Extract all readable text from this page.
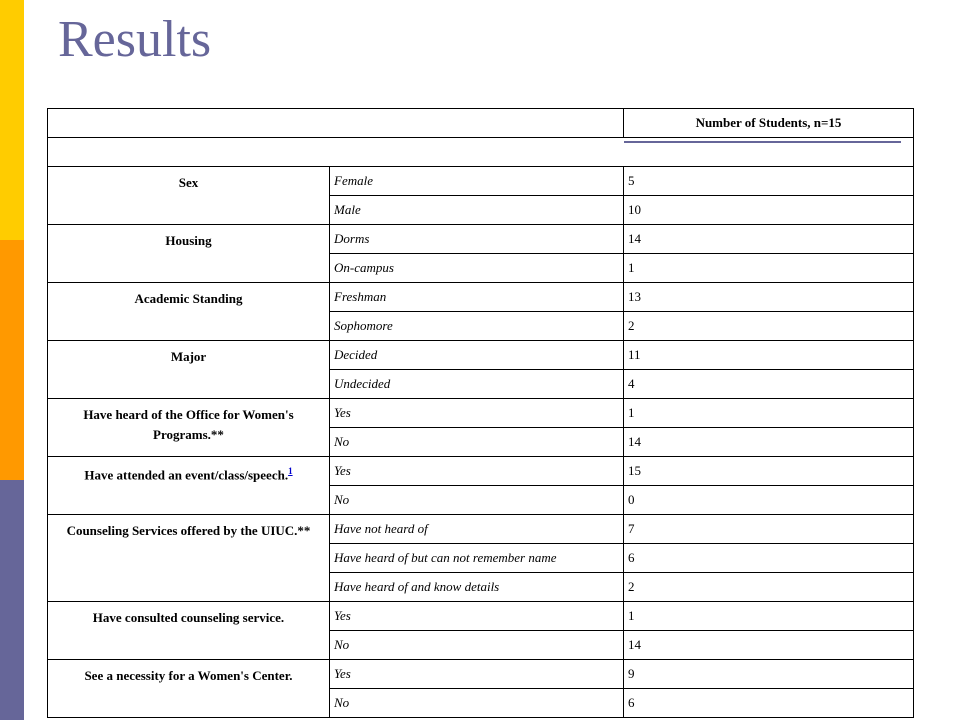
Results
		Number of Students, n=15

Sex	Female	5
	Male	10
Housing	Dorms	14
	On-campus	1
Academic Standing	Freshman	13
	Sophomore	2
Major	Decided	11
	Undecided	4
Have heard of the Office for Women's Programs.**	Yes	1
	No	14
Have attended an event/class/speech.$^1$	Yes	15
	No	0
Counseling Services offered by the UIUC.**	Have not heard of	7
	Have heard of but can not remember name	6
	Have heard of and know details	2
Have consulted counseling service.	Yes	1
	No	14
See a necessity for a Women's Center.	Yes	9
	No	6
